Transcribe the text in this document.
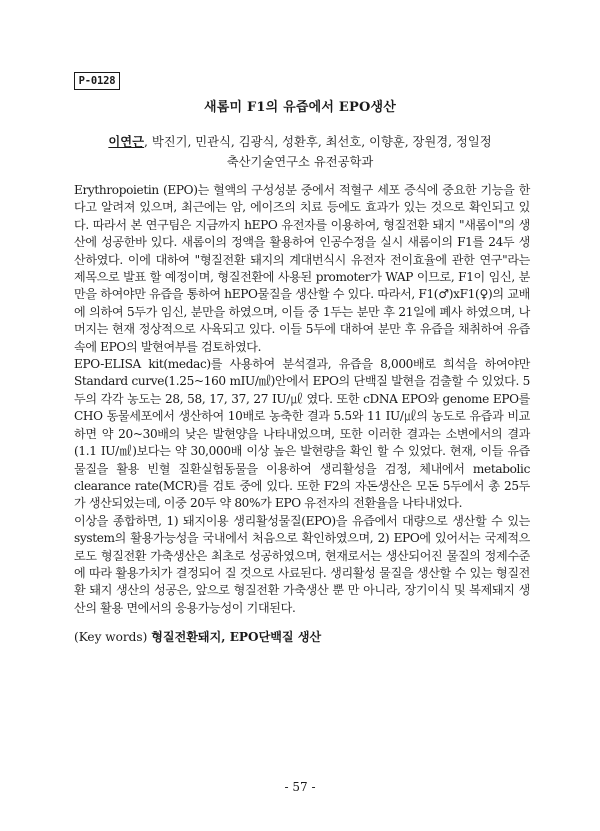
P-0128
새롬미 F1의 유즙에서 EPO생산
이연근, 박진기, 민관식, 김광식, 성환후, 최선호, 이향훈, 장원경, 정일정
축산기술연구소 유전공학과

Erythropoietin (EPO)는 혈액의 구성성분 중에서 적혈구 세포 증식에 중요한 기능을 한다고 알려져 있으며, 최근에는 암, 에이즈의 치료 등에도 효과가 있는 것으로 확인되고 있다. 따라서 본 연구팀은 지금까지 hEPO 유전자를 이용하여, 형질전환 돼지 "새롬이"의 생산에 성공한바 있다. 새롬이의 정액을 활용하여 인공수정을 실시 새롬이의 F1를 24두 생산하였다. 이에 대하여 "형질전환 돼지의 계대번식시 유전자 전이효율에 관한 연구"라는 제목으로 발표 할 예정이며, 형질전환에 사용된 promoter가 WAP 이므로, F1이 임신, 분만을 하여야만 유즙을 통하여 hEPO물질을 생산할 수 있다. 따라서, F1(♂)xF1(♀)의 교배에 의하여 5두가 임신, 분만을 하였으며, 이들 중 1두는 분만 후 21일에 폐사 하였으며, 나머지는 현재 정상적으로 사육되고 있다. 이들 5두에 대하여 분만 후 유즙을 채취하여 유즙속에 EPO의 발현여부를 검토하였다.

EPO-ELISA kit(medac)를 사용하여 분석결과, 유즙을 8,000배로 희석을 하여야만 Standard curve(1.25~160 mIU/㎖)안에서 EPO의 단백질 발현을 검출할 수 있었다. 5두의 각각 농도는 28, 58, 17, 37, 27 IU/㎕ 였다. 또한 cDNA EPO와 genome EPO를 CHO 동물세포에서 생산하여 10배로 농축한 결과 5.5와 11 IU/㎕의 농도로 유즙과 비교하면 약 20~30배의 낮은 발현양을 나타내었으며, 또한 이러한 결과는 소변에서의 결과(1.1 IU/㎖)보다는 약 30,000배 이상 높은 발현량을 확인 할 수 있었다. 현재, 이들 유즙 물질을 활용 빈혈 질환실험동물을 이용하여 생리활성을 검정, 체내에서 metabolic clearance rate(MCR)를 검토 중에 있다. 또한 F2의 자돈생산은 모돈 5두에서 총 25두가 생산되었는데, 이중 20두 약 80%가 EPO 유전자의 전환율을 나타내었다.

이상을 종합하면, 1) 돼지이용 생리활성물질(EPO)을 유즙에서 대량으로 생산할 수 있는 system의 활용가능성을 국내에서 처음으로 확인하였으며, 2) EPO에 있어서는 국제적으로도 형질전환 가축생산은 최초로 성공하였으며, 현재로서는 생산되어진 물질의 정제수준에 따라 활용가치가 결정되어 질 것으로 사료된다. 생리활성 물질을 생산할 수 있는 형질전환 돼지 생산의 성공은, 앞으로 형질전환 가축생산 뿐 만 아니라, 장기이식 및 복제돼지 생산의 활용 면에서의 응용가능성이 기대된다.

(Key words) 형질전환돼지, EPO단백질 생산
- 57 -
